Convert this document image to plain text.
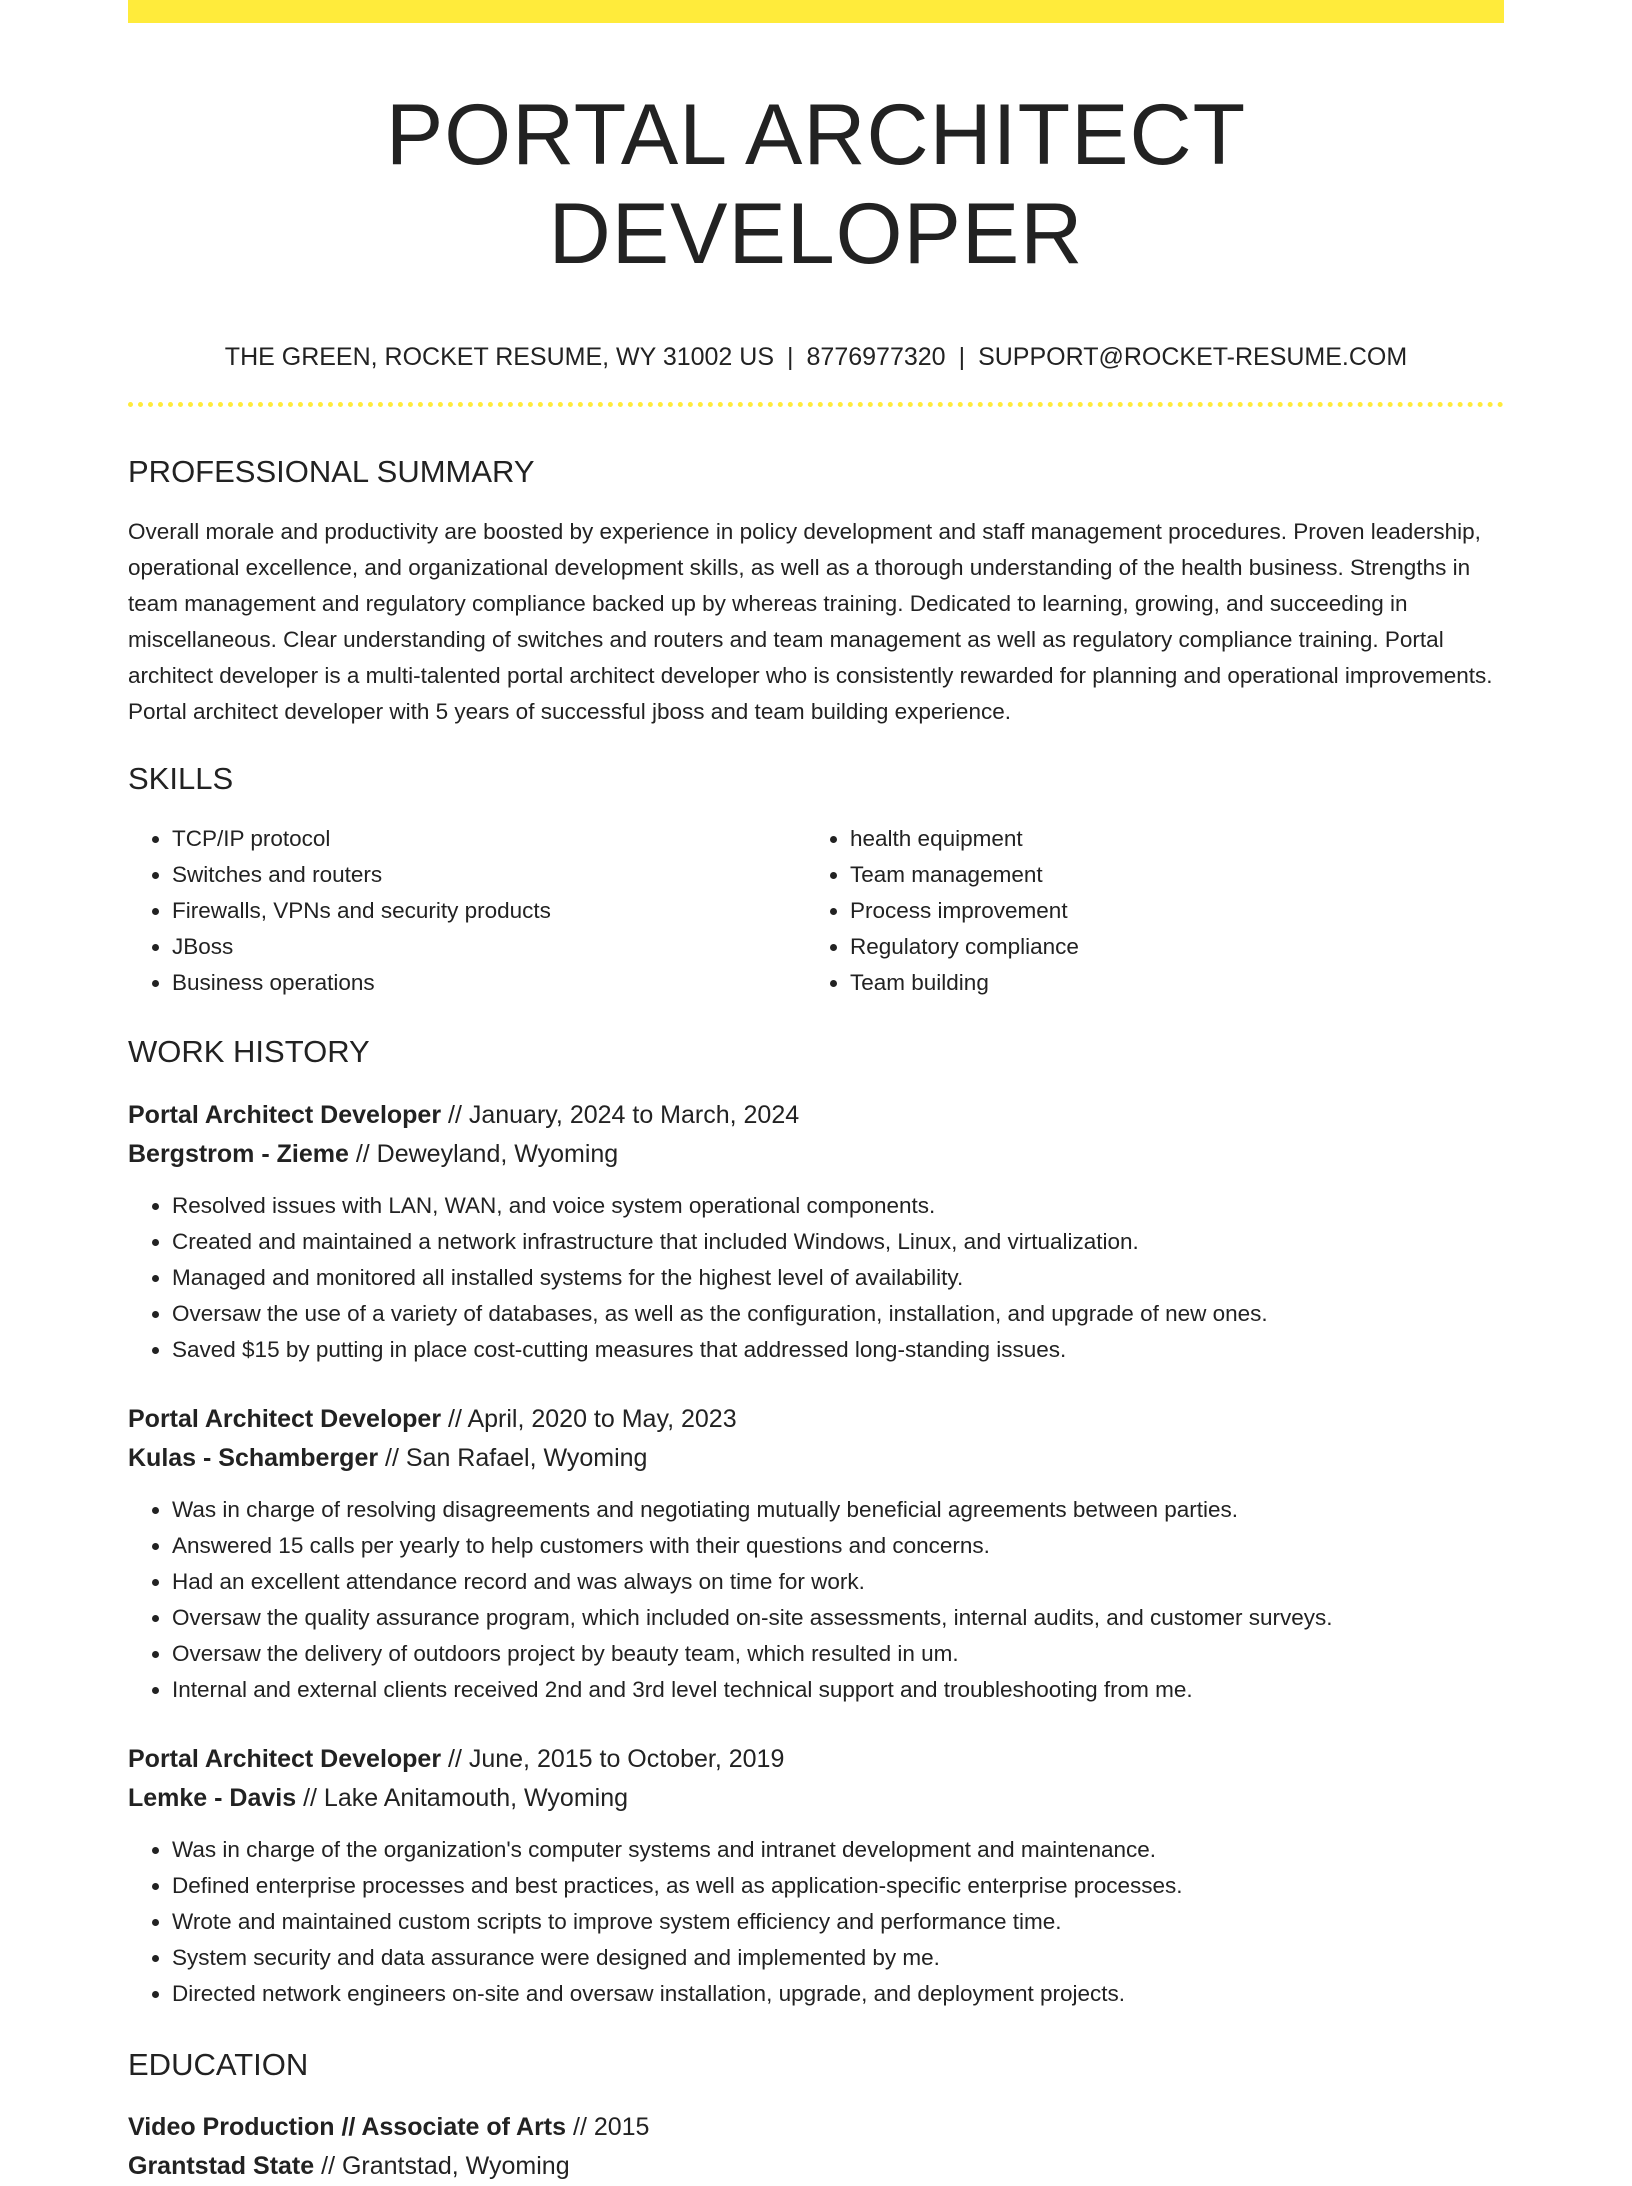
PORTAL ARCHITECT DEVELOPER
THE GREEN, ROCKET RESUME, WY 31002 US | 8776977320 | SUPPORT@ROCKET-RESUME.COM
PROFESSIONAL SUMMARY
Overall morale and productivity are boosted by experience in policy development and staff management procedures. Proven leadership, operational excellence, and organizational development skills, as well as a thorough understanding of the health business. Strengths in team management and regulatory compliance backed up by whereas training. Dedicated to learning, growing, and succeeding in miscellaneous. Clear understanding of switches and routers and team management as well as regulatory compliance training. Portal architect developer is a multi-talented portal architect developer who is consistently rewarded for planning and operational improvements. Portal architect developer with 5 years of successful jboss and team building experience.
SKILLS
• TCP/IP protocol
• Switches and routers
• Firewalls, VPNs and security products
• JBoss
• Business operations
• health equipment
• Team management
• Process improvement
• Regulatory compliance
• Team building
WORK HISTORY
Portal Architect Developer // January, 2024 to March, 2024
Bergstrom - Zieme // Deweyland, Wyoming
• Resolved issues with LAN, WAN, and voice system operational components.
• Created and maintained a network infrastructure that included Windows, Linux, and virtualization.
• Managed and monitored all installed systems for the highest level of availability.
• Oversaw the use of a variety of databases, as well as the configuration, installation, and upgrade of new ones.
• Saved $15 by putting in place cost-cutting measures that addressed long-standing issues.
Portal Architect Developer // April, 2020 to May, 2023
Kulas - Schamberger // San Rafael, Wyoming
• Was in charge of resolving disagreements and negotiating mutually beneficial agreements between parties.
• Answered 15 calls per yearly to help customers with their questions and concerns.
• Had an excellent attendance record and was always on time for work.
• Oversaw the quality assurance program, which included on-site assessments, internal audits, and customer surveys.
• Oversaw the delivery of outdoors project by beauty team, which resulted in um.
• Internal and external clients received 2nd and 3rd level technical support and troubleshooting from me.
Portal Architect Developer // June, 2015 to October, 2019
Lemke - Davis // Lake Anitamouth, Wyoming
• Was in charge of the organization's computer systems and intranet development and maintenance.
• Defined enterprise processes and best practices, as well as application-specific enterprise processes.
• Wrote and maintained custom scripts to improve system efficiency and performance time.
• System security and data assurance were designed and implemented by me.
• Directed network engineers on-site and oversaw installation, upgrade, and deployment projects.
EDUCATION
Video Production // Associate of Arts // 2015
Grantstad State // Grantstad, Wyoming
